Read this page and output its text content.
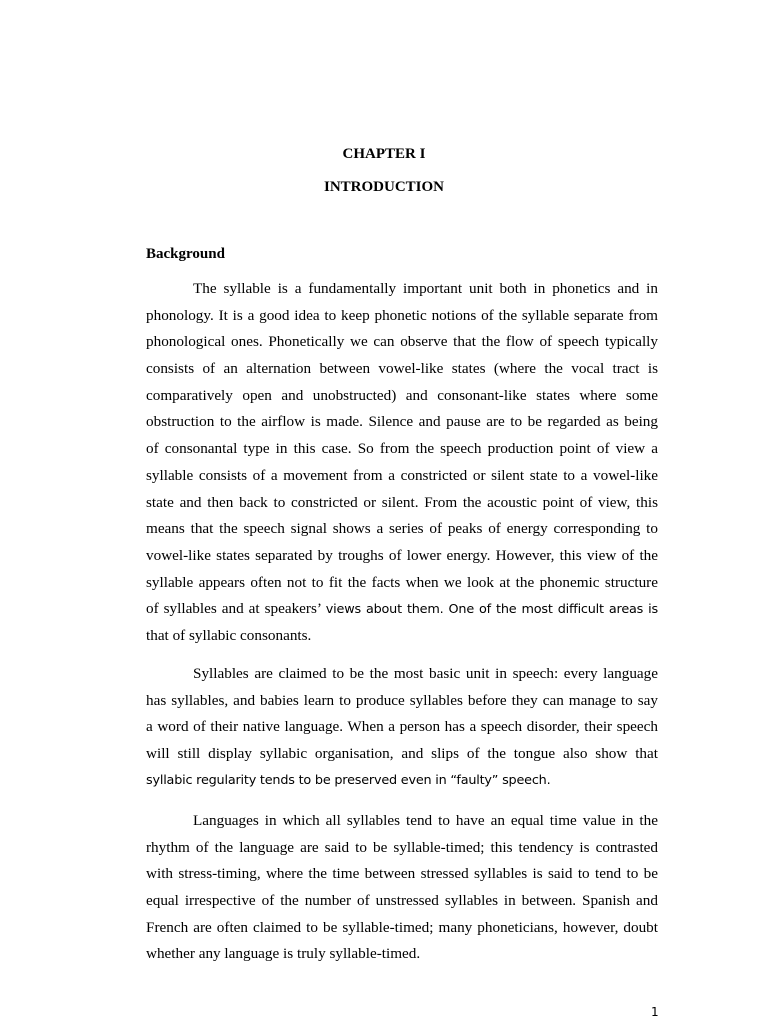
CHAPTER I
INTRODUCTION
Background
The syllable is a fundamentally important unit both in phonetics and in
phonology. It is a good idea to keep phonetic notions of the syllable separate from
phonological ones. Phonetically we can observe that the flow of speech typically
consists of an alternation between vowel-like states (where the vocal tract is
comparatively open and unobstructed) and consonant-like states where some
obstruction to the airflow is made. Silence and pause are to be regarded as being
of consonantal type in this case. So from the speech production point of view a
syllable consists of a movement from a constricted or silent state to a vowel-like
state and then back to constricted or silent. From the acoustic point of view, this
means that the speech signal shows a series of peaks of energy corresponding to
vowel-like states separated by troughs of lower energy. However, this view of the
syllable appears often not to fit the facts when we look at the phonemic structure
of syllables and at speakers’ views about them. One of the most difficult areas is
that of syllabic consonants.
Syllables are claimed to be the most basic unit in speech: every language
has syllables, and babies learn to produce syllables before they can manage to say
a word of their native language. When a person has a speech disorder, their speech
will still display syllabic organisation, and slips of the tongue also show that
syllabic regularity tends to be preserved even in “faulty” speech.
Languages in which all syllables tend to have an equal time value in the
rhythm of the language are said to be syllable-timed; this tendency is contrasted
with stress-timing, where the time between stressed syllables is said to tend to be
equal irrespective of the number of unstressed syllables in between. Spanish and
French are often claimed to be syllable-timed; many phoneticians, however, doubt
whether any language is truly syllable-timed.

1
